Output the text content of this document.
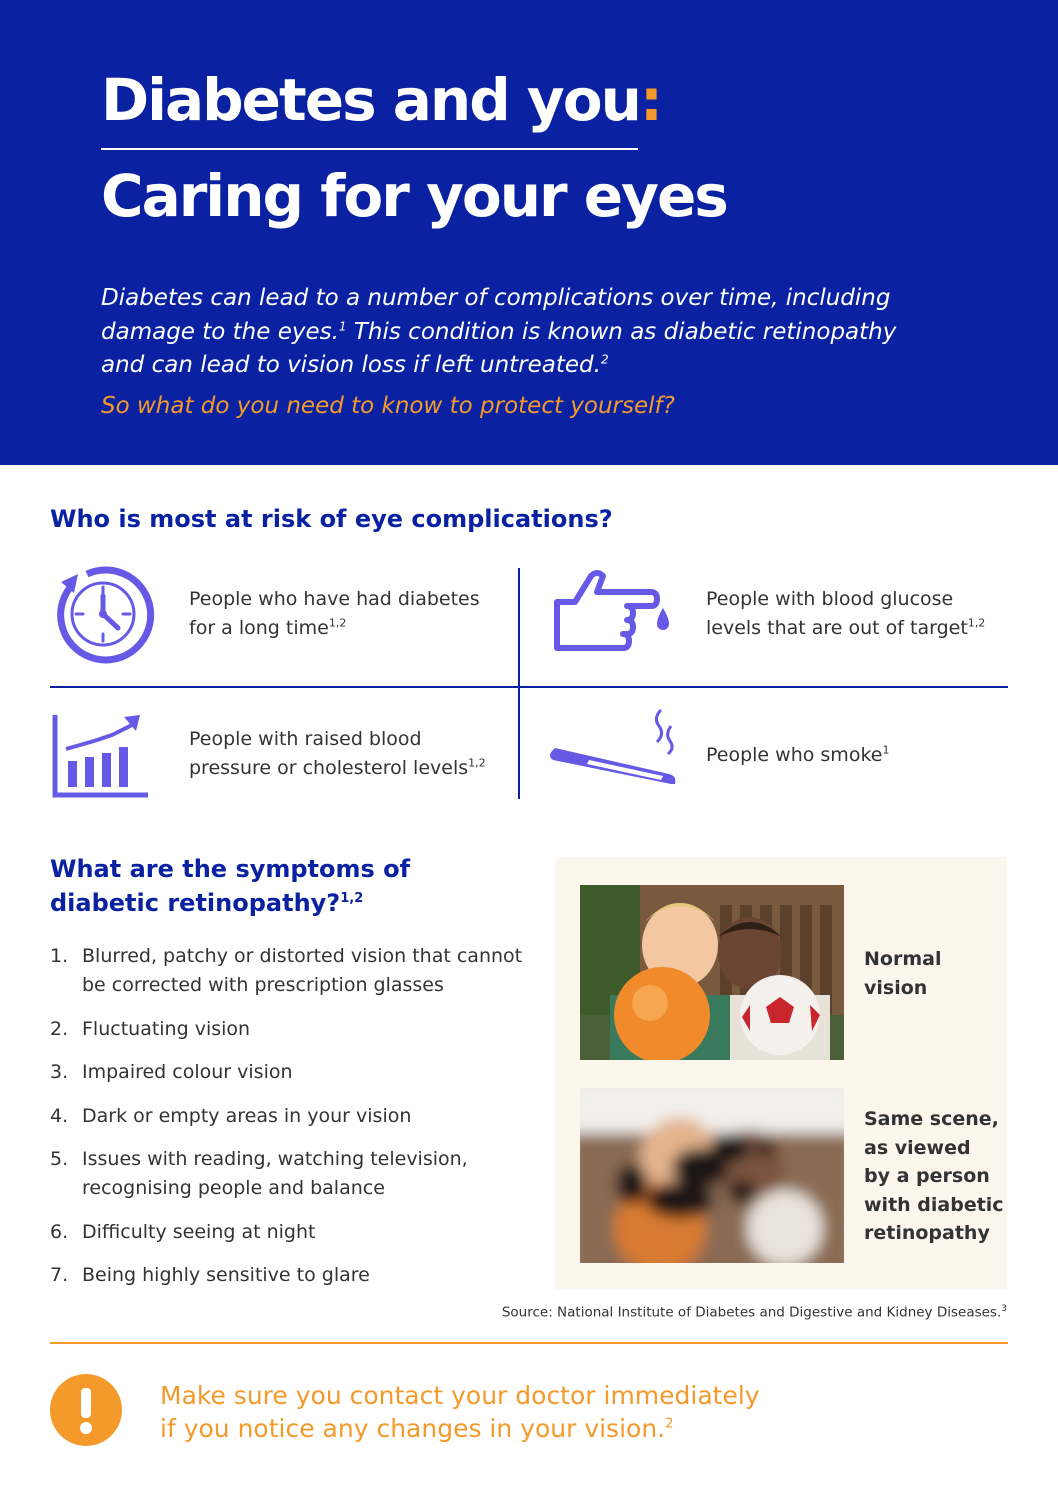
Diabetes and you:
Caring for your eyes

Diabetes can lead to a number of complications over time, including damage to the eyes.$^1$ This condition is known as diabetic retinopathy and can lead to vision loss if left untreated.$^2$

So what do you need to know to protect yourself?

Who is most at risk of eye complications?
People who have had diabetes
for a long time$^{1,2}$
People with blood glucose
levels that are out of target$^{1,2}$
People with raised blood
pressure or cholesterol levels$^{1,2}$	People who smoke$^1$
What are the symptoms of
diabetic retinopathy?$^{1,2}$
1. Blurred, patchy or distorted vision that cannot be corrected with prescription glasses
2. Fluctuating vision
3. Impaired colour vision
4. Dark or empty areas in your vision
5. Issues with reading, watching television, recognising people and balance
6. Difficulty seeing at night
7. Being highly sensitive to glare
Normal
vision
Same scene,
as viewed
by a person
with diabetic
retinopathy
Source: National Institute of Diabetes and Digestive and Kidney Diseases.$^3$
Make sure you contact your doctor immediately
if you notice any changes in your vision.$^2$
